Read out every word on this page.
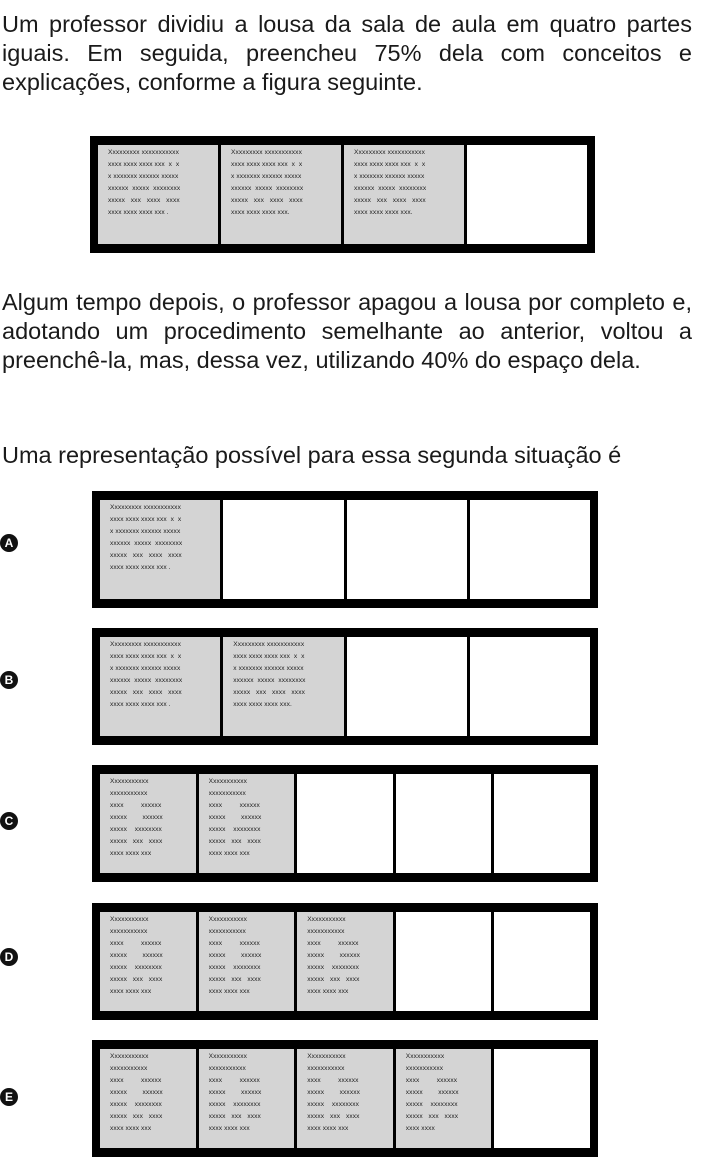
Um professor dividiu a lousa da sala de aula em quatro partes iguais. Em seguida, preencheu 75% dela com conceitos e explicações, conforme a figura seguinte.

Xxxxxxxxx xxxxxxxxxxx
xxxx xxxx xxxx xxx  x  x
x xxxxxxx xxxxxx xxxxx
xxxxxx  xxxxx  xxxxxxxx
xxxxx   xxx   xxxx   xxxx
xxxx xxxx xxxx xxx .
Xxxxxxxxx xxxxxxxxxxx
xxxx xxxx xxxx xxx  x  x
x xxxxxxx xxxxxx xxxxx
xxxxxx  xxxxx  xxxxxxxx
xxxxx   xxx   xxxx   xxxx
xxxx xxxx xxxx xxx.
Xxxxxxxxx xxxxxxxxxxx
xxxx xxxx xxxx xxx  x  x
x xxxxxxx xxxxxx xxxxx
xxxxxx  xxxxx  xxxxxxxx
xxxxx   xxx   xxxx   xxxx
xxxx xxxx xxxx xxx.

Algum tempo depois, o professor apagou a lousa por completo e, adotando um procedimento semelhante ao anterior, voltou a preenchê-la, mas, dessa vez, utilizando 40% do espaço dela.

Uma representação possível para essa segunda situação é

A
Xxxxxxxxx xxxxxxxxxxx
xxxx xxxx xxxx xxx  x  x
x xxxxxxx xxxxxx xxxxx
xxxxxx  xxxxx  xxxxxxxx
xxxxx   xxx   xxxx   xxxx
xxxx xxxx xxxx xxx .
B
Xxxxxxxxx xxxxxxxxxxx
xxxx xxxx xxxx xxx  x  x
x xxxxxxx xxxxxx xxxxx
xxxxxx  xxxxx  xxxxxxxx
xxxxx   xxx   xxxx   xxxx
xxxx xxxx xxxx xxx .
Xxxxxxxxx xxxxxxxxxxx
xxxx xxxx xxxx xxx  x  x
x xxxxxxx xxxxxx xxxxx
xxxxxx  xxxxx  xxxxxxxx
xxxxx   xxx   xxxx   xxxx
xxxx xxxx xxxx xxx.
C
Xxxxxxxxxxx
xxxxxxxxxxx
xxxx         xxxxxx
xxxxx        xxxxxx
xxxxx    xxxxxxxx
xxxxx   xxx   xxxx
xxxx xxxx xxx
Xxxxxxxxxxx
xxxxxxxxxxx
xxxx         xxxxxx
xxxxx        xxxxxx
xxxxx    xxxxxxxx
xxxxx   xxx   xxxx
xxxx xxxx xxx
D
Xxxxxxxxxxx
xxxxxxxxxxx
xxxx         xxxxxx
xxxxx        xxxxxx
xxxxx    xxxxxxxx
xxxxx   xxx   xxxx
xxxx xxxx xxx
Xxxxxxxxxxx
xxxxxxxxxxx
xxxx         xxxxxx
xxxxx        xxxxxx
xxxxx    xxxxxxxx
xxxxx   xxx   xxxx
xxxx xxxx xxx
Xxxxxxxxxxx
xxxxxxxxxxx
xxxx         xxxxxx
xxxxx        xxxxxx
xxxxx    xxxxxxxx
xxxxx   xxx   xxxx
xxxx xxxx xxx
E
Xxxxxxxxxxx
xxxxxxxxxxx
xxxx         xxxxxx
xxxxx        xxxxxx
xxxxx    xxxxxxxx
xxxxx   xxx   xxxx
xxxx xxxx xxx
Xxxxxxxxxxx
xxxxxxxxxxx
xxxx         xxxxxx
xxxxx        xxxxxx
xxxxx    xxxxxxxx
xxxxx   xxx   xxxx
xxxx xxxx xxx
Xxxxxxxxxxx
xxxxxxxxxxx
xxxx         xxxxxx
xxxxx        xxxxxx
xxxxx    xxxxxxxx
xxxxx   xxx   xxxx
xxxx xxxx xxx
Xxxxxxxxxxx
xxxxxxxxxxx
xxxx         xxxxxx
xxxxx        xxxxxx
xxxxx    xxxxxxxx
xxxxx   xxx   xxxx
xxxx xxxx
